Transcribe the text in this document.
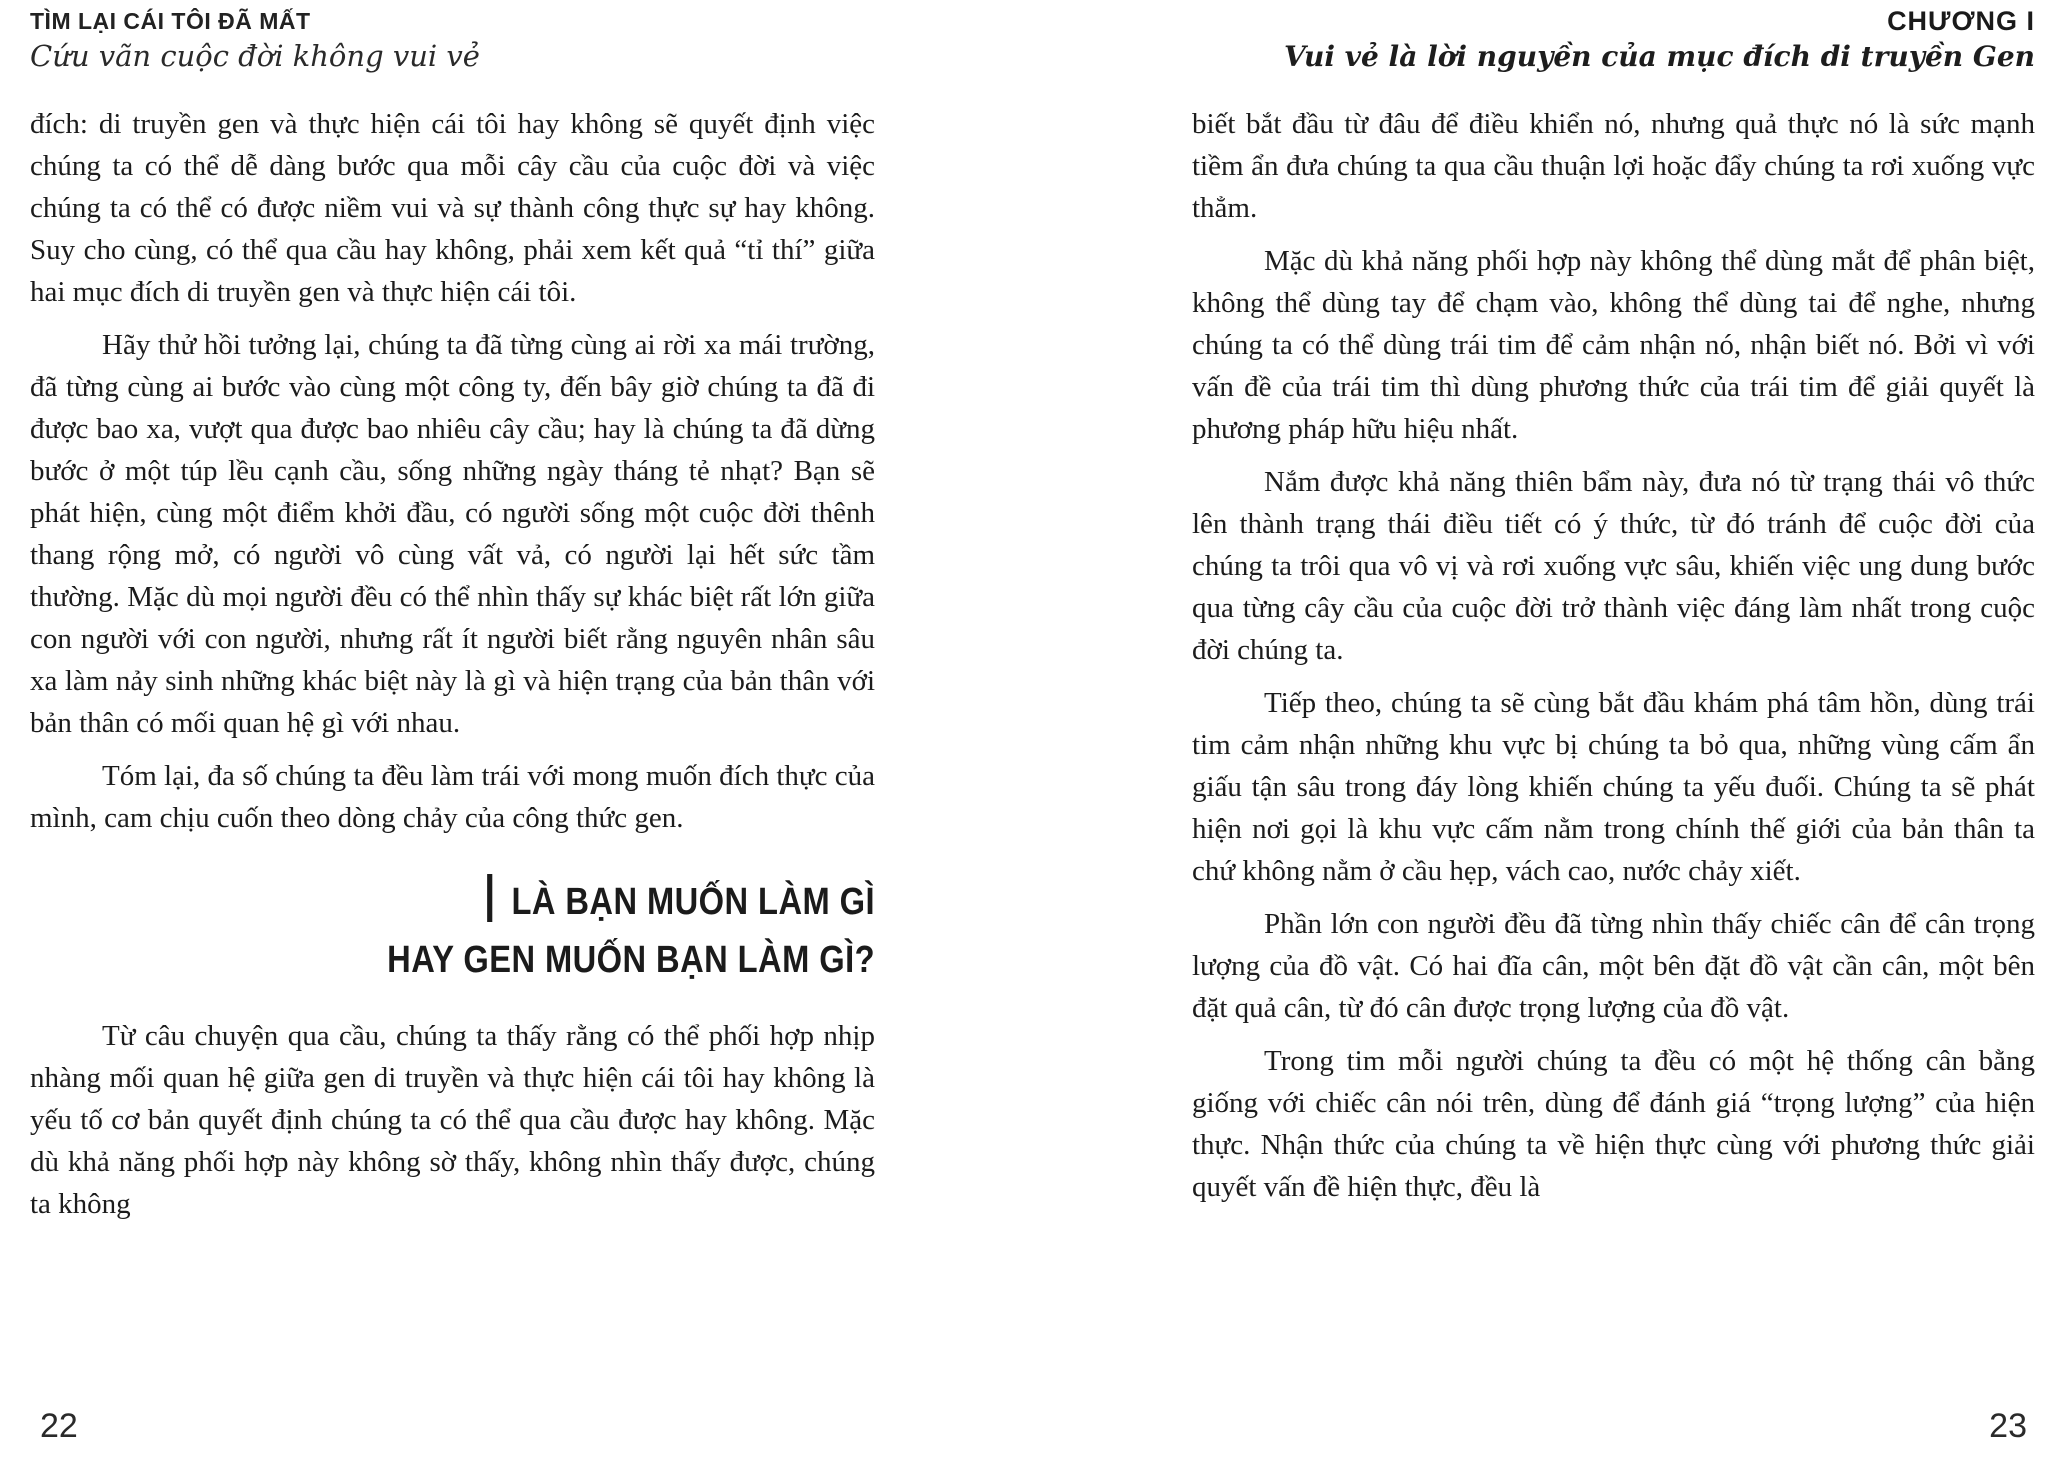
TÌM LẠI CÁI TÔI ĐÃ MẤT
Cứu vãn cuộc đời không vui vẻ
CHƯƠNG I
Vui vẻ là lời nguyền của mục đích di truyền Gen

đích: di truyền gen và thực hiện cái tôi hay không sẽ quyết định việc chúng ta có thể dễ dàng bước qua mỗi cây cầu của cuộc đời và việc chúng ta có thể có được niềm vui và sự thành công thực sự hay không. Suy cho cùng, có thể qua cầu hay không, phải xem kết quả “tỉ thí” giữa hai mục đích di truyền gen và thực hiện cái tôi.

Hãy thử hồi tưởng lại, chúng ta đã từng cùng ai rời xa mái trường, đã từng cùng ai bước vào cùng một công ty, đến bây giờ chúng ta đã đi được bao xa, vượt qua được bao nhiêu cây cầu; hay là chúng ta đã dừng bước ở một túp lều cạnh cầu, sống những ngày tháng tẻ nhạt? Bạn sẽ phát hiện, cùng một điểm khởi đầu, có người sống một cuộc đời thênh thang rộng mở, có người vô cùng vất vả, có người lại hết sức tầm thường. Mặc dù mọi người đều có thể nhìn thấy sự khác biệt rất lớn giữa con người với con người, nhưng rất ít người biết rằng nguyên nhân sâu xa làm nảy sinh những khác biệt này là gì và hiện trạng của bản thân với bản thân có mối quan hệ gì với nhau.

Tóm lại, đa số chúng ta đều làm trái với mong muốn đích thực của mình, cam chịu cuốn theo dòng chảy của công thức gen.

LÀ BẠN MUỐN LÀM GÌ
HAY GEN MUỐN BẠN LÀM GÌ?

Từ câu chuyện qua cầu, chúng ta thấy rằng có thể phối hợp nhịp nhàng mối quan hệ giữa gen di truyền và thực hiện cái tôi hay không là yếu tố cơ bản quyết định chúng ta có thể qua cầu được hay không. Mặc dù khả năng phối hợp này không sờ thấy, không nhìn thấy được, chúng ta không

biết bắt đầu từ đâu để điều khiển nó, nhưng quả thực nó là sức mạnh tiềm ẩn đưa chúng ta qua cầu thuận lợi hoặc đẩy chúng ta rơi xuống vực thẳm.

Mặc dù khả năng phối hợp này không thể dùng mắt để phân biệt, không thể dùng tay để chạm vào, không thể dùng tai để nghe, nhưng chúng ta có thể dùng trái tim để cảm nhận nó, nhận biết nó. Bởi vì với vấn đề của trái tim thì dùng phương thức của trái tim để giải quyết là phương pháp hữu hiệu nhất.

Nắm được khả năng thiên bẩm này, đưa nó từ trạng thái vô thức lên thành trạng thái điều tiết có ý thức, từ đó tránh để cuộc đời của chúng ta trôi qua vô vị và rơi xuống vực sâu, khiến việc ung dung bước qua từng cây cầu của cuộc đời trở thành việc đáng làm nhất trong cuộc đời chúng ta.

Tiếp theo, chúng ta sẽ cùng bắt đầu khám phá tâm hồn, dùng trái tim cảm nhận những khu vực bị chúng ta bỏ qua, những vùng cấm ẩn giấu tận sâu trong đáy lòng khiến chúng ta yếu đuối. Chúng ta sẽ phát hiện nơi gọi là khu vực cấm nằm trong chính thế giới của bản thân ta chứ không nằm ở cầu hẹp, vách cao, nước chảy xiết.

Phần lớn con người đều đã từng nhìn thấy chiếc cân để cân trọng lượng của đồ vật. Có hai đĩa cân, một bên đặt đồ vật cần cân, một bên đặt quả cân, từ đó cân được trọng lượng của đồ vật.

Trong tim mỗi người chúng ta đều có một hệ thống cân bằng giống với chiếc cân nói trên, dùng để đánh giá “trọng lượng” của hiện thực. Nhận thức của chúng ta về hiện thực cùng với phương thức giải quyết vấn đề hiện thực, đều là

22	23
